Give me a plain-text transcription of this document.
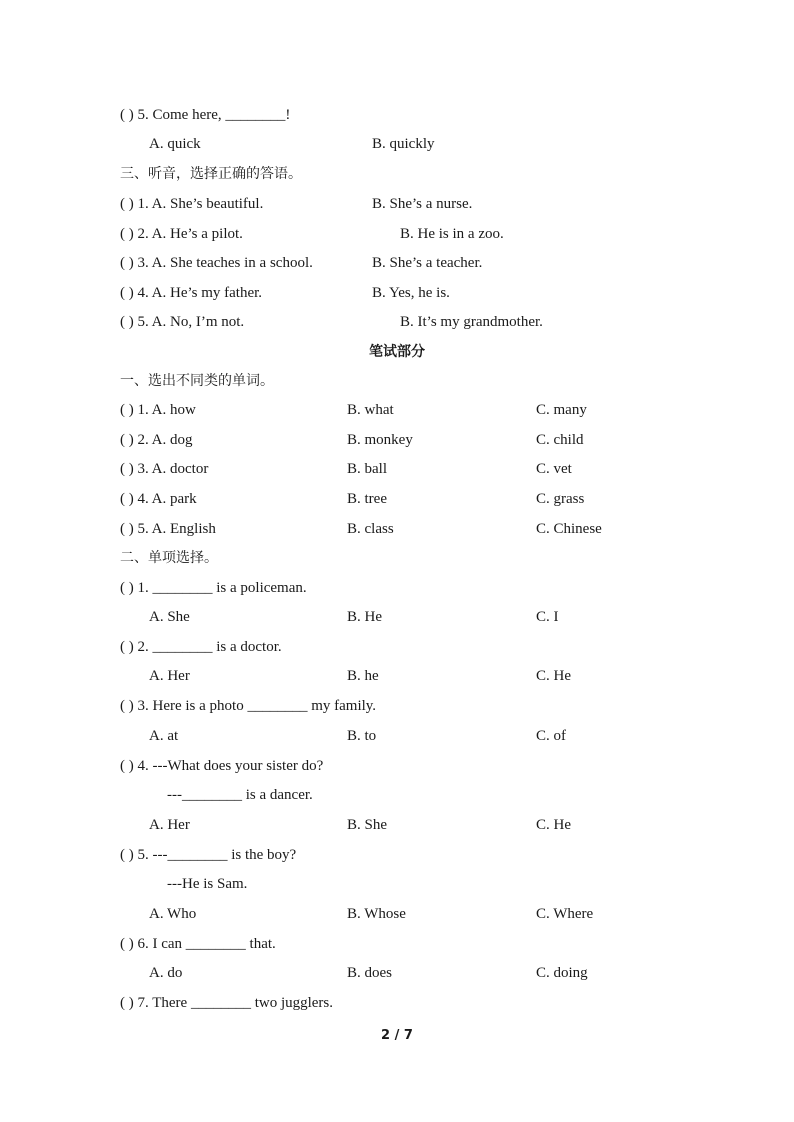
( ) 5. Come here, ________!
A. quick	B. quickly
三、听音，选择正确的答语。
( ) 1. A. She’s beautiful.	B. She’s a nurse.
( ) 2. A. He’s a pilot.	B. He is in a zoo.
( ) 3. A. She teaches in a school.	B. She’s a teacher.
( ) 4. A. He’s my father.	B. Yes, he is.
( ) 5. A. No, I’m not.	B. It’s my grandmother.
笔试部分
一、选出不同类的单词。
( ) 1. A. how	B. what	C. many
( ) 2. A. dog	B. monkey	C. child
( ) 3. A. doctor	B. ball	C. vet
( ) 4. A. park	B. tree	C. grass
( ) 5. A. English	B. class	C. Chinese
二、单项选择。
( ) 1. ________ is a policeman.
A. She	B. He	C. I
( ) 2. ________ is a doctor.
A. Her	B. he	C. He
( ) 3. Here is a photo ________ my family.
A. at	B. to	C. of
( ) 4. ---What does your sister do?
---________ is a dancer.
A. Her	B. She	C. He
( ) 5. ---________ is the boy?
---He is Sam.
A. Who	B. Whose	C. Where
( ) 6. I can ________ that.
A. do	B. does	C. doing
( ) 7. There ________ two jugglers.
2 / 7
